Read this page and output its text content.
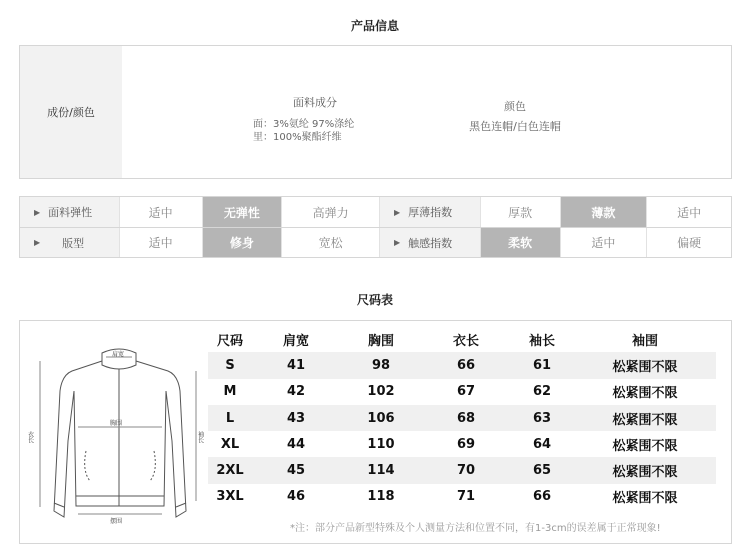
产品信息
成份/颜色
面料成分
面：3%氨纶 97%涤纶
里：100%聚酯纤维
颜色
黑色连帽/白色连帽
▶ 面料弹性	适中	无弹性	高弹力	▶ 厚薄指数	厚款	薄款	适中
▶ 版型	适中	修身	宽松	▶ 触感指数	柔软	适中	偏硬
尺码表
肩宽
胸围
摆围
衣长	袖长
尺码	肩宽	胸围	衣长	袖长	袖围
S	41	98	66	61	松紧围不限
M	42	102	67	62	松紧围不限
L	43	106	68	63	松紧围不限
XL	44	110	69	64	松紧围不限
2XL	45	114	70	65	松紧围不限
3XL	46	118	71	66	松紧围不限
*注：部分产品新型特殊及个人测量方法和位置不同，有1-3cm的误差属于正常现象!
